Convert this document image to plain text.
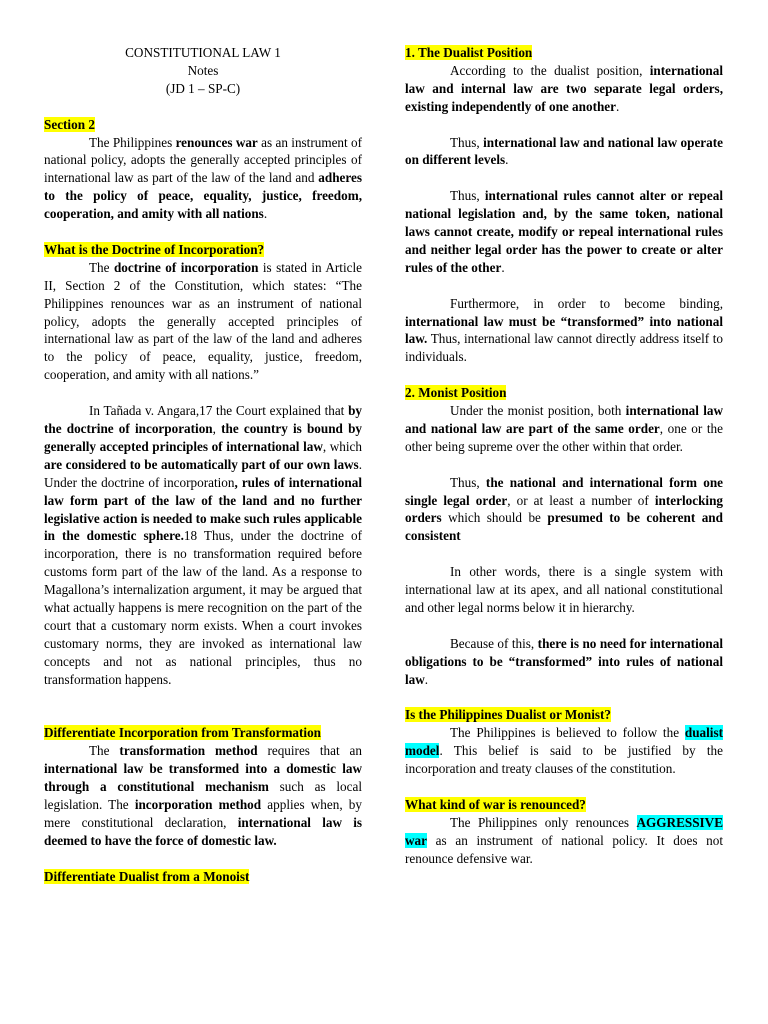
CONSTITUTIONAL LAW 1

Notes

(JD 1 – SP-C)

Section 2

The Philippines renounces war as an instrument of national policy, adopts the generally accepted principles of international law as part of the law of the land and adheres to the policy of peace, equality, justice, freedom, cooperation, and amity with all nations.

What is the Doctrine of Incorporation?

The doctrine of incorporation is stated in Article II, Section 2 of the Constitution, which states: “The Philippines renounces war as an instrument of national policy, adopts the generally accepted principles of international law as part of the law of the land and adheres to the policy of peace, equality, justice, freedom, cooperation, and amity with all nations.”

In Tañada v. Angara,17 the Court explained that by the doctrine of incorporation, the country is bound by generally accepted principles of international law, which are considered to be automatically part of our own laws. Under the doctrine of incorporation, rules of international law form part of the law of the land and no further legislative action is needed to make such rules applicable in the domestic sphere.18 Thus, under the doctrine of incorporation, there is no transformation required before customs form part of the law of the land. As a response to Magallona’s internalization argument, it may be argued that what actually happens is mere recognition on the part of the court that a customary norm exists. When a court invokes customary norms, they are invoked as international law concepts and not as national principles, thus no transformation happens.

Differentiate Incorporation from Transformation

The transformation method requires that an international law be transformed into a domestic law through a constitutional mechanism such as local legislation. The incorporation method applies when, by mere constitutional declaration, international law is deemed to have the force of domestic law.

Differentiate Dualist from a Monoist

1. The Dualist Position

According to the dualist position, international law and internal law are two separate legal orders, existing independently of one another.

Thus, international law and national law operate on different levels.

Thus, international rules cannot alter or repeal national legislation and, by the same token, national laws cannot create, modify or repeal international rules and neither legal order has the power to create or alter rules of the other.

Furthermore, in order to become binding, international law must be “transformed” into national law. Thus, international law cannot directly address itself to individuals.

2. Monist Position

Under the monist position, both international law and national law are part of the same order, one or the other being supreme over the other within that order.

Thus, the national and international form one single legal order, or at least a number of interlocking orders which should be presumed to be coherent and consistent

In other words, there is a single system with international law at its apex, and all national constitutional and other legal norms below it in hierarchy.

Because of this, there is no need for international obligations to be “transformed” into rules of national law.

Is the Philippines Dualist or Monist?

The Philippines is believed to follow the dualist model. This belief is said to be justified by the incorporation and treaty clauses of the constitution.

What kind of war is renounced?

The Philippines only renounces AGGRESSIVE war as an instrument of national policy. It does not renounce defensive war.
